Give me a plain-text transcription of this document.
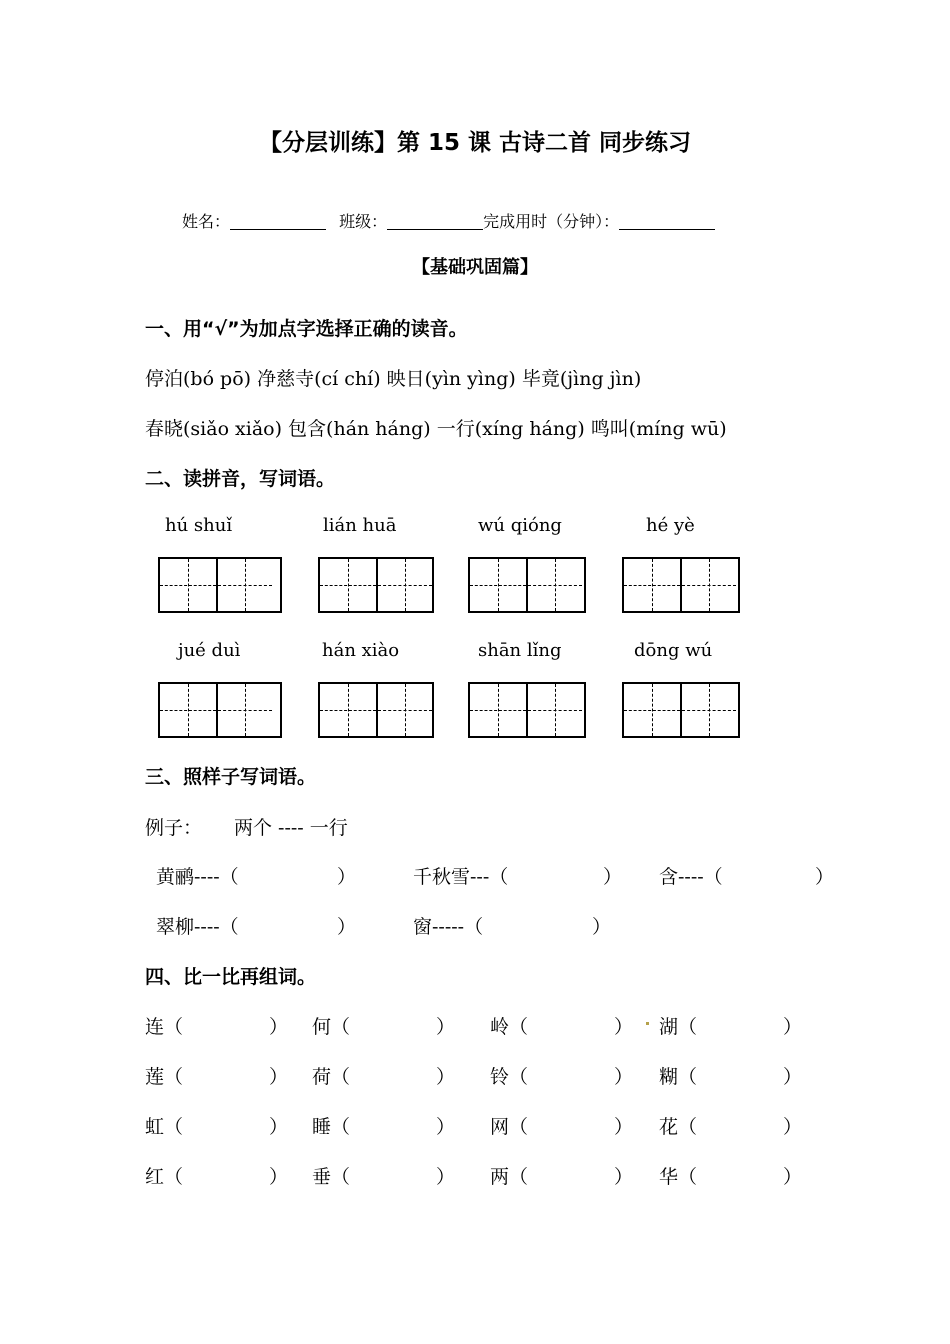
【分层训练】第 15 课 古诗二首 同步练习
姓名：	班级：	完成用时（分钟）：
【基础巩固篇】
一、用“√”为加点字选择正确的读音。
停泊(bó pō) 净慈寺(cí chí) 映日(yìn yìng) 毕竟(jìng jìn)
春晓(siǎo xiǎo) 包含(hán háng) 一行(xíng háng) 鸣叫(míng wū)
二、读拼音，写词语。
hú shuǐ	lián huā	wú qióng	hé yè
jué duì	hán xiào	shān lǐng	dōng wú
三、照样子写词语。
例子： 两个 ---- 一行
黄鹂----（	）	千秋雪---（	） 含----（	）
翠柳----（	）	窗-----（	）
四、比一比再组词。
连（	） 何（	） 岭（	） 湖（	）
莲（	） 荷（	） 铃（	） 糊（	）
虹（	） 睡（	） 网（	） 花（	）
红（	） 垂（	） 两（	） 华（	）
